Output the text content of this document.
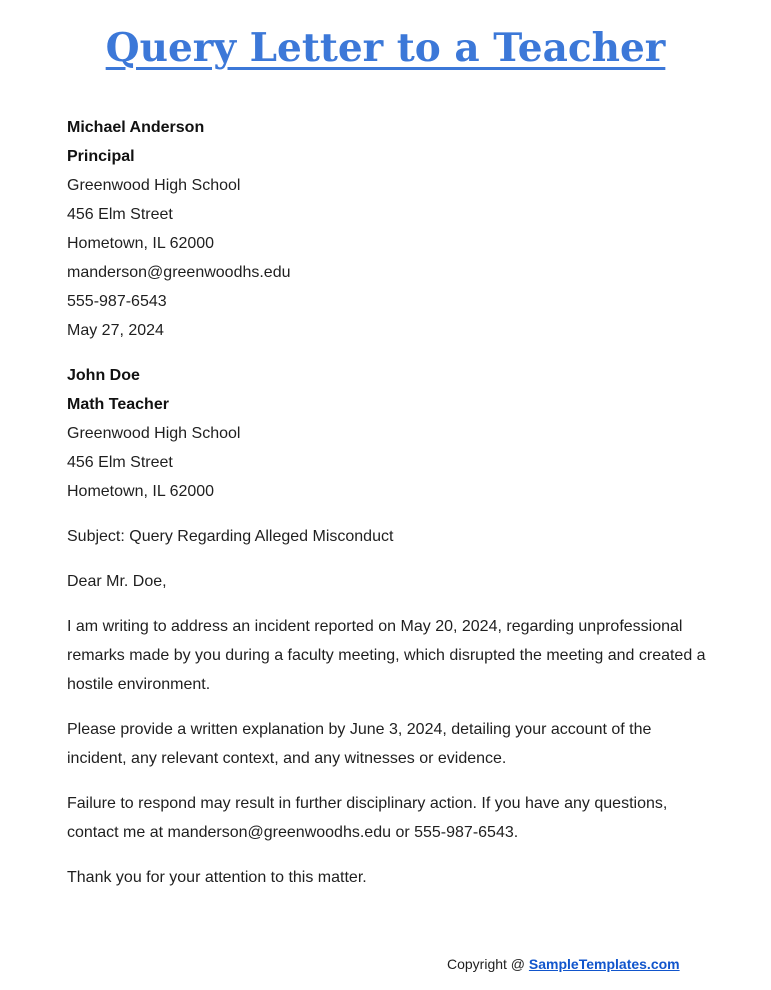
Query Letter to a Teacher
Michael Anderson
Principal
Greenwood High School
456 Elm Street
Hometown, IL 62000
manderson@greenwoodhs.edu
555-987-6543
May 27, 2024
John Doe
Math Teacher
Greenwood High School
456 Elm Street
Hometown, IL 62000

Subject: Query Regarding Alleged Misconduct

Dear Mr. Doe,

I am writing to address an incident reported on May 20, 2024, regarding unprofessional remarks made by you during a faculty meeting, which disrupted the meeting and created a hostile environment.

Please provide a written explanation by June 3, 2024, detailing your account of the incident, any relevant context, and any witnesses or evidence.

Failure to respond may result in further disciplinary action. If you have any questions, contact me at manderson@greenwoodhs.edu or 555-987-6543.

Thank you for your attention to this matter.

Copyright @ SampleTemplates.com
